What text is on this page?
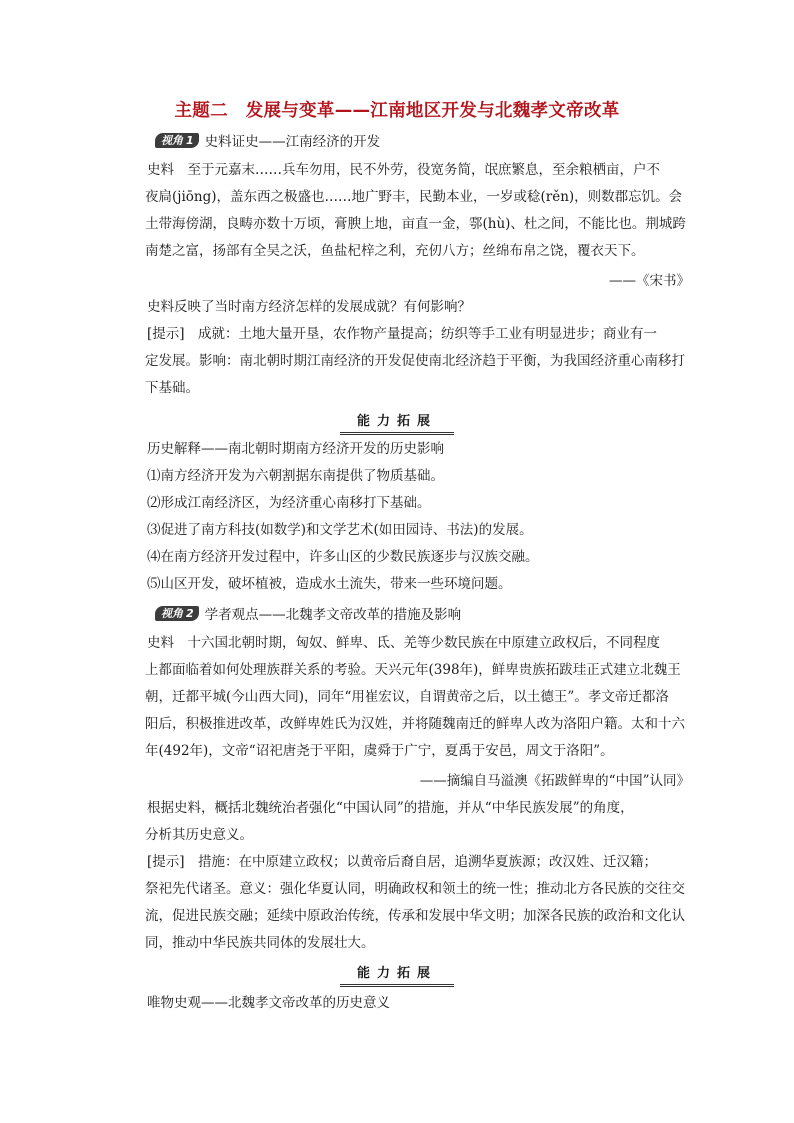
主题二　发展与变革——江南地区开发与北魏孝文帝改革
视角 1 史料证史——江南经济的开发
史料　至于元嘉末……兵车勿用，民不外劳，役宽务简，氓庶繁息，至余粮栖亩，户不
夜扃(jiōng)，盖东西之极盛也……地广野丰，民勤本业，一岁或稔(rěn)，则数郡忘饥。会
土带海傍湖，良畴亦数十万顷，膏腴上地，亩直一金，鄠(hù)、杜之间，不能比也。荆城跨
南楚之富，扬部有全吴之沃，鱼盐杞梓之利，充仞八方；丝绵布帛之饶，覆衣天下。
——《宋书》
史料反映了当时南方经济怎样的发展成就？有何影响？
[提示]　成就：土地大量开垦，农作物产量提高；纺织等手工业有明显进步；商业有一
定发展。影响：南北朝时期江南经济的开发促使南北经济趋于平衡，为我国经济重心南移打
下基础。
能力拓展
历史解释——南北朝时期南方经济开发的历史影响
⑴南方经济开发为六朝割据东南提供了物质基础。
⑵形成江南经济区，为经济重心南移打下基础。
⑶促进了南方科技(如数学)和文学艺术(如田园诗、书法)的发展。
⑷在南方经济开发过程中，许多山区的少数民族逐步与汉族交融。
⑸山区开发，破坏植被，造成水土流失，带来一些环境问题。
视角 2 学者观点——北魏孝文帝改革的措施及影响
史料　十六国北朝时期，匈奴、鲜卑、氐、羌等少数民族在中原建立政权后，不同程度
上都面临着如何处理族群关系的考验。天兴元年(398年)，鲜卑贵族拓跋珪正式建立北魏王
朝，迁都平城(今山西大同)，同年“用崔宏议，自谓黄帝之后，以土德王”。孝文帝迁都洛
阳后，积极推进改革，改鲜卑姓氏为汉姓，并将随魏南迁的鲜卑人改为洛阳户籍。太和十六
年(492年)，文帝“诏祀唐尧于平阳，虞舜于广宁，夏禹于安邑，周文于洛阳”。
——摘编自马溢澳《拓跋鲜卑的“中国”认同》
根据史料，概括北魏统治者强化“中国认同”的措施，并从“中华民族发展”的角度，
分析其历史意义。
[提示]　措施：在中原建立政权；以黄帝后裔自居，追溯华夏族源；改汉姓、迁汉籍；
祭祀先代诸圣。意义：强化华夏认同，明确政权和领土的统一性；推动北方各民族的交往交
流，促进民族交融；延续中原政治传统，传承和发展中华文明；加深各民族的政治和文化认
同，推动中华民族共同体的发展壮大。
能力拓展
唯物史观——北魏孝文帝改革的历史意义
